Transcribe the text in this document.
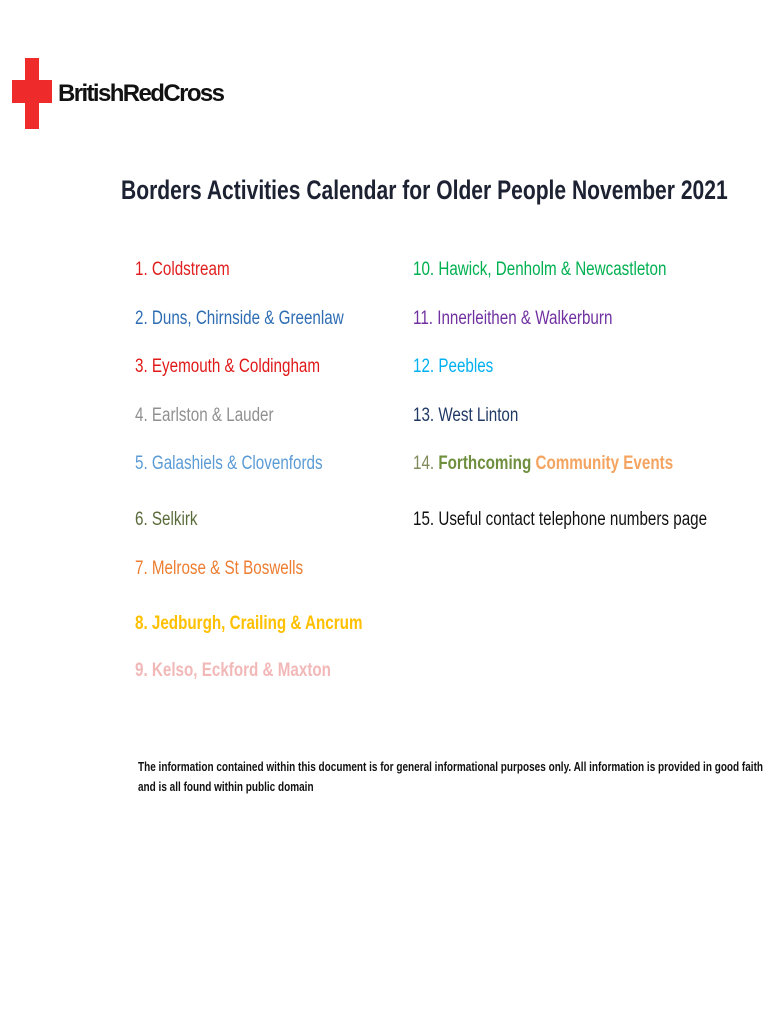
BritishRedCross
Borders Activities Calendar for Older People November 2021
1. Coldstream
2. Duns, Chirnside & Greenlaw
3. Eyemouth & Coldingham
4. Earlston & Lauder
5. Galashiels & Clovenfords
6. Selkirk
7. Melrose & St Boswells
8. Jedburgh, Crailing & Ancrum
9. Kelso, Eckford & Maxton
10. Hawick, Denholm & Newcastleton
11. Innerleithen & Walkerburn
12. Peebles
13. West Linton
14. Forthcoming Community Events
15. Useful contact telephone numbers page
The information contained within this document is for general informational purposes only. All information is provided in good faith
and is all found within public domain
